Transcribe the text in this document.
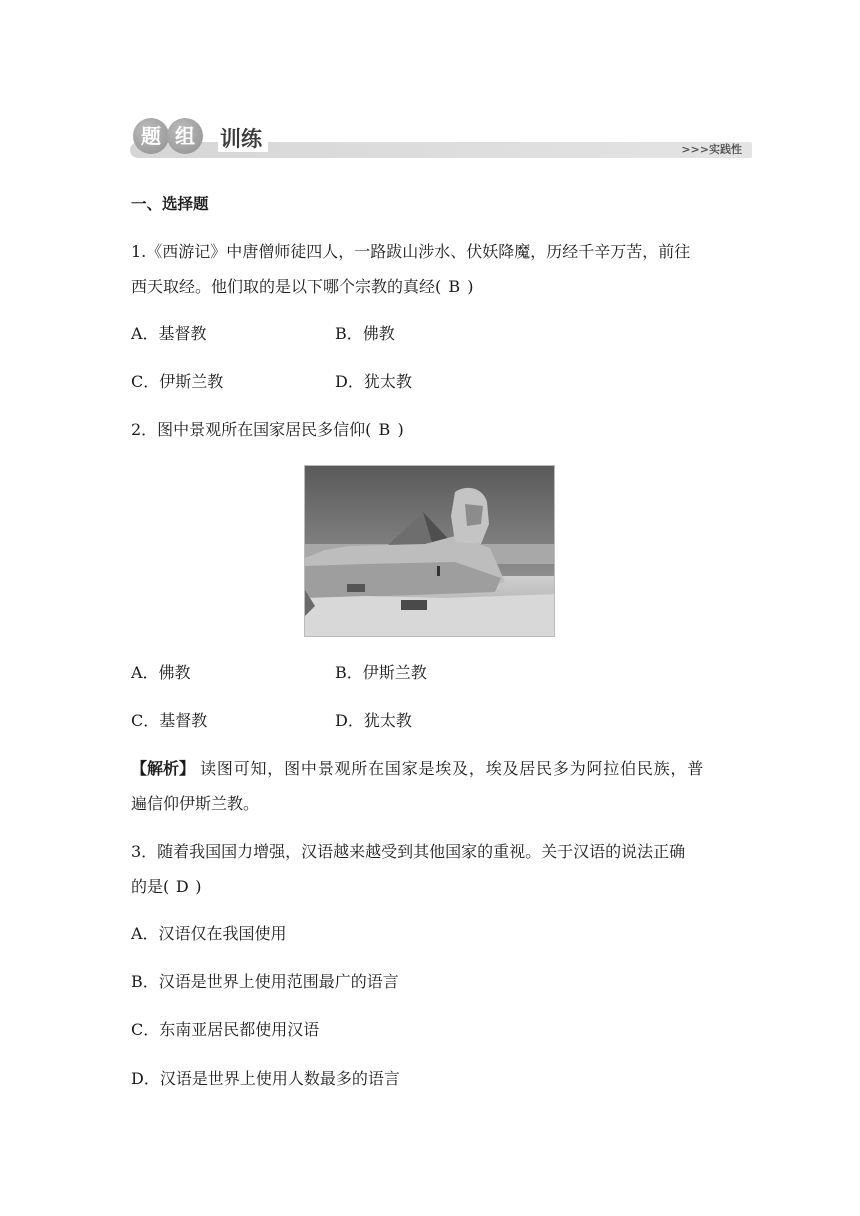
题 组	训练	>>>实践性
一、选择题
1.《西游记》中唐僧师徒四人，一路跋山涉水、伏妖降魔，历经千辛万苦，前往
西天取经。他们取的是以下哪个宗教的真经( B )
A．基督教	B．佛教
C．伊斯兰教	D．犹太教
2．图中景观所在国家居民多信仰( B )
A．佛教	B．伊斯兰教
C．基督教	D．犹太教
【解析】 读图可知，图中景观所在国家是埃及，埃及居民多为阿拉伯民族，普
遍信仰伊斯兰教。
3．随着我国国力增强，汉语越来越受到其他国家的重视。关于汉语的说法正确
的是( D )
A．汉语仅在我国使用
B．汉语是世界上使用范围最广的语言
C．东南亚居民都使用汉语
D．汉语是世界上使用人数最多的语言
